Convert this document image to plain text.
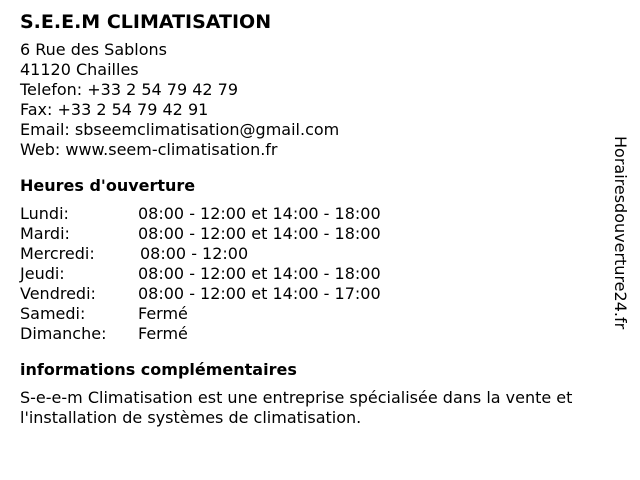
S.E.E.M CLIMATISATION
6 Rue des Sablons
41120 Chailles
Telefon: +33 2 54 79 42 79
Fax: +33 2 54 79 42 91
Email: sbseemclimatisation@gmail.com
Web: www.seem-climatisation.fr
Heures d'ouverture
Lundi:	08:00 - 12:00 et 14:00 - 18:00
Mardi:	08:00 - 12:00 et 14:00 - 18:00
Mercredi:	08:00 - 12:00
Jeudi:	08:00 - 12:00 et 14:00 - 18:00
Vendredi:	08:00 - 12:00 et 14:00 - 17:00
Samedi:	Fermé
Dimanche: Fermé
informations complémentaires
S-e-e-m Climatisation est une entreprise spécialisée dans la vente et l'installation de systèmes de climatisation.
Horairesdouverture24.fr
